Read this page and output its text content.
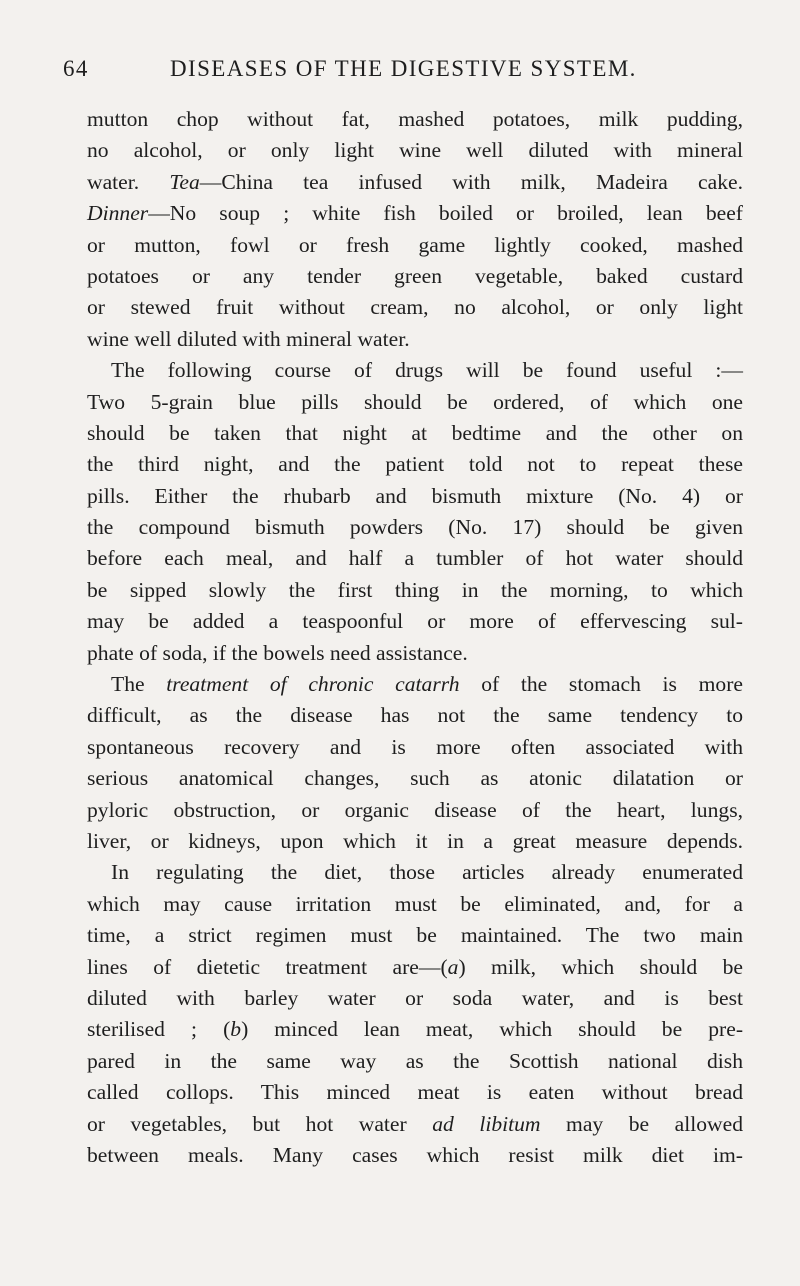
64	DISEASES OF THE DIGESTIVE SYSTEM.
mutton chop without fat, mashed potatoes, milk pudding,
no alcohol, or only light wine well diluted with mineral
water. Tea—China tea infused with milk, Madeira cake.
Dinner—No soup ; white fish boiled or broiled, lean beef
or mutton, fowl or fresh game lightly cooked, mashed
potatoes or any tender green vegetable, baked custard
or stewed fruit without cream, no alcohol, or only light
wine well diluted with mineral water.
The following course of drugs will be found useful :—
Two 5-grain blue pills should be ordered, of which one
should be taken that night at bedtime and the other on
the third night, and the patient told not to repeat these
pills. Either the rhubarb and bismuth mixture (No. 4) or
the compound bismuth powders (No. 17) should be given
before each meal, and half a tumbler of hot water should
be sipped slowly the first thing in the morning, to which
may be added a teaspoonful or more of effervescing sul-
phate of soda, if the bowels need assistance.
The treatment of chronic catarrh of the stomach is more
difficult, as the disease has not the same tendency to
spontaneous recovery and is more often associated with
serious anatomical changes, such as atonic dilatation or
pyloric obstruction, or organic disease of the heart, lungs,
liver, or kidneys, upon which it in a great measure depends.
In regulating the diet, those articles already enumerated
which may cause irritation must be eliminated, and, for a
time, a strict regimen must be maintained. The two main
lines of dietetic treatment are—(a) milk, which should be
diluted with barley water or soda water, and is best
sterilised ; (b) minced lean meat, which should be pre-
pared in the same way as the Scottish national dish
called collops. This minced meat is eaten without bread
or vegetables, but hot water ad libitum may be allowed
between meals. Many cases which resist milk diet im-
